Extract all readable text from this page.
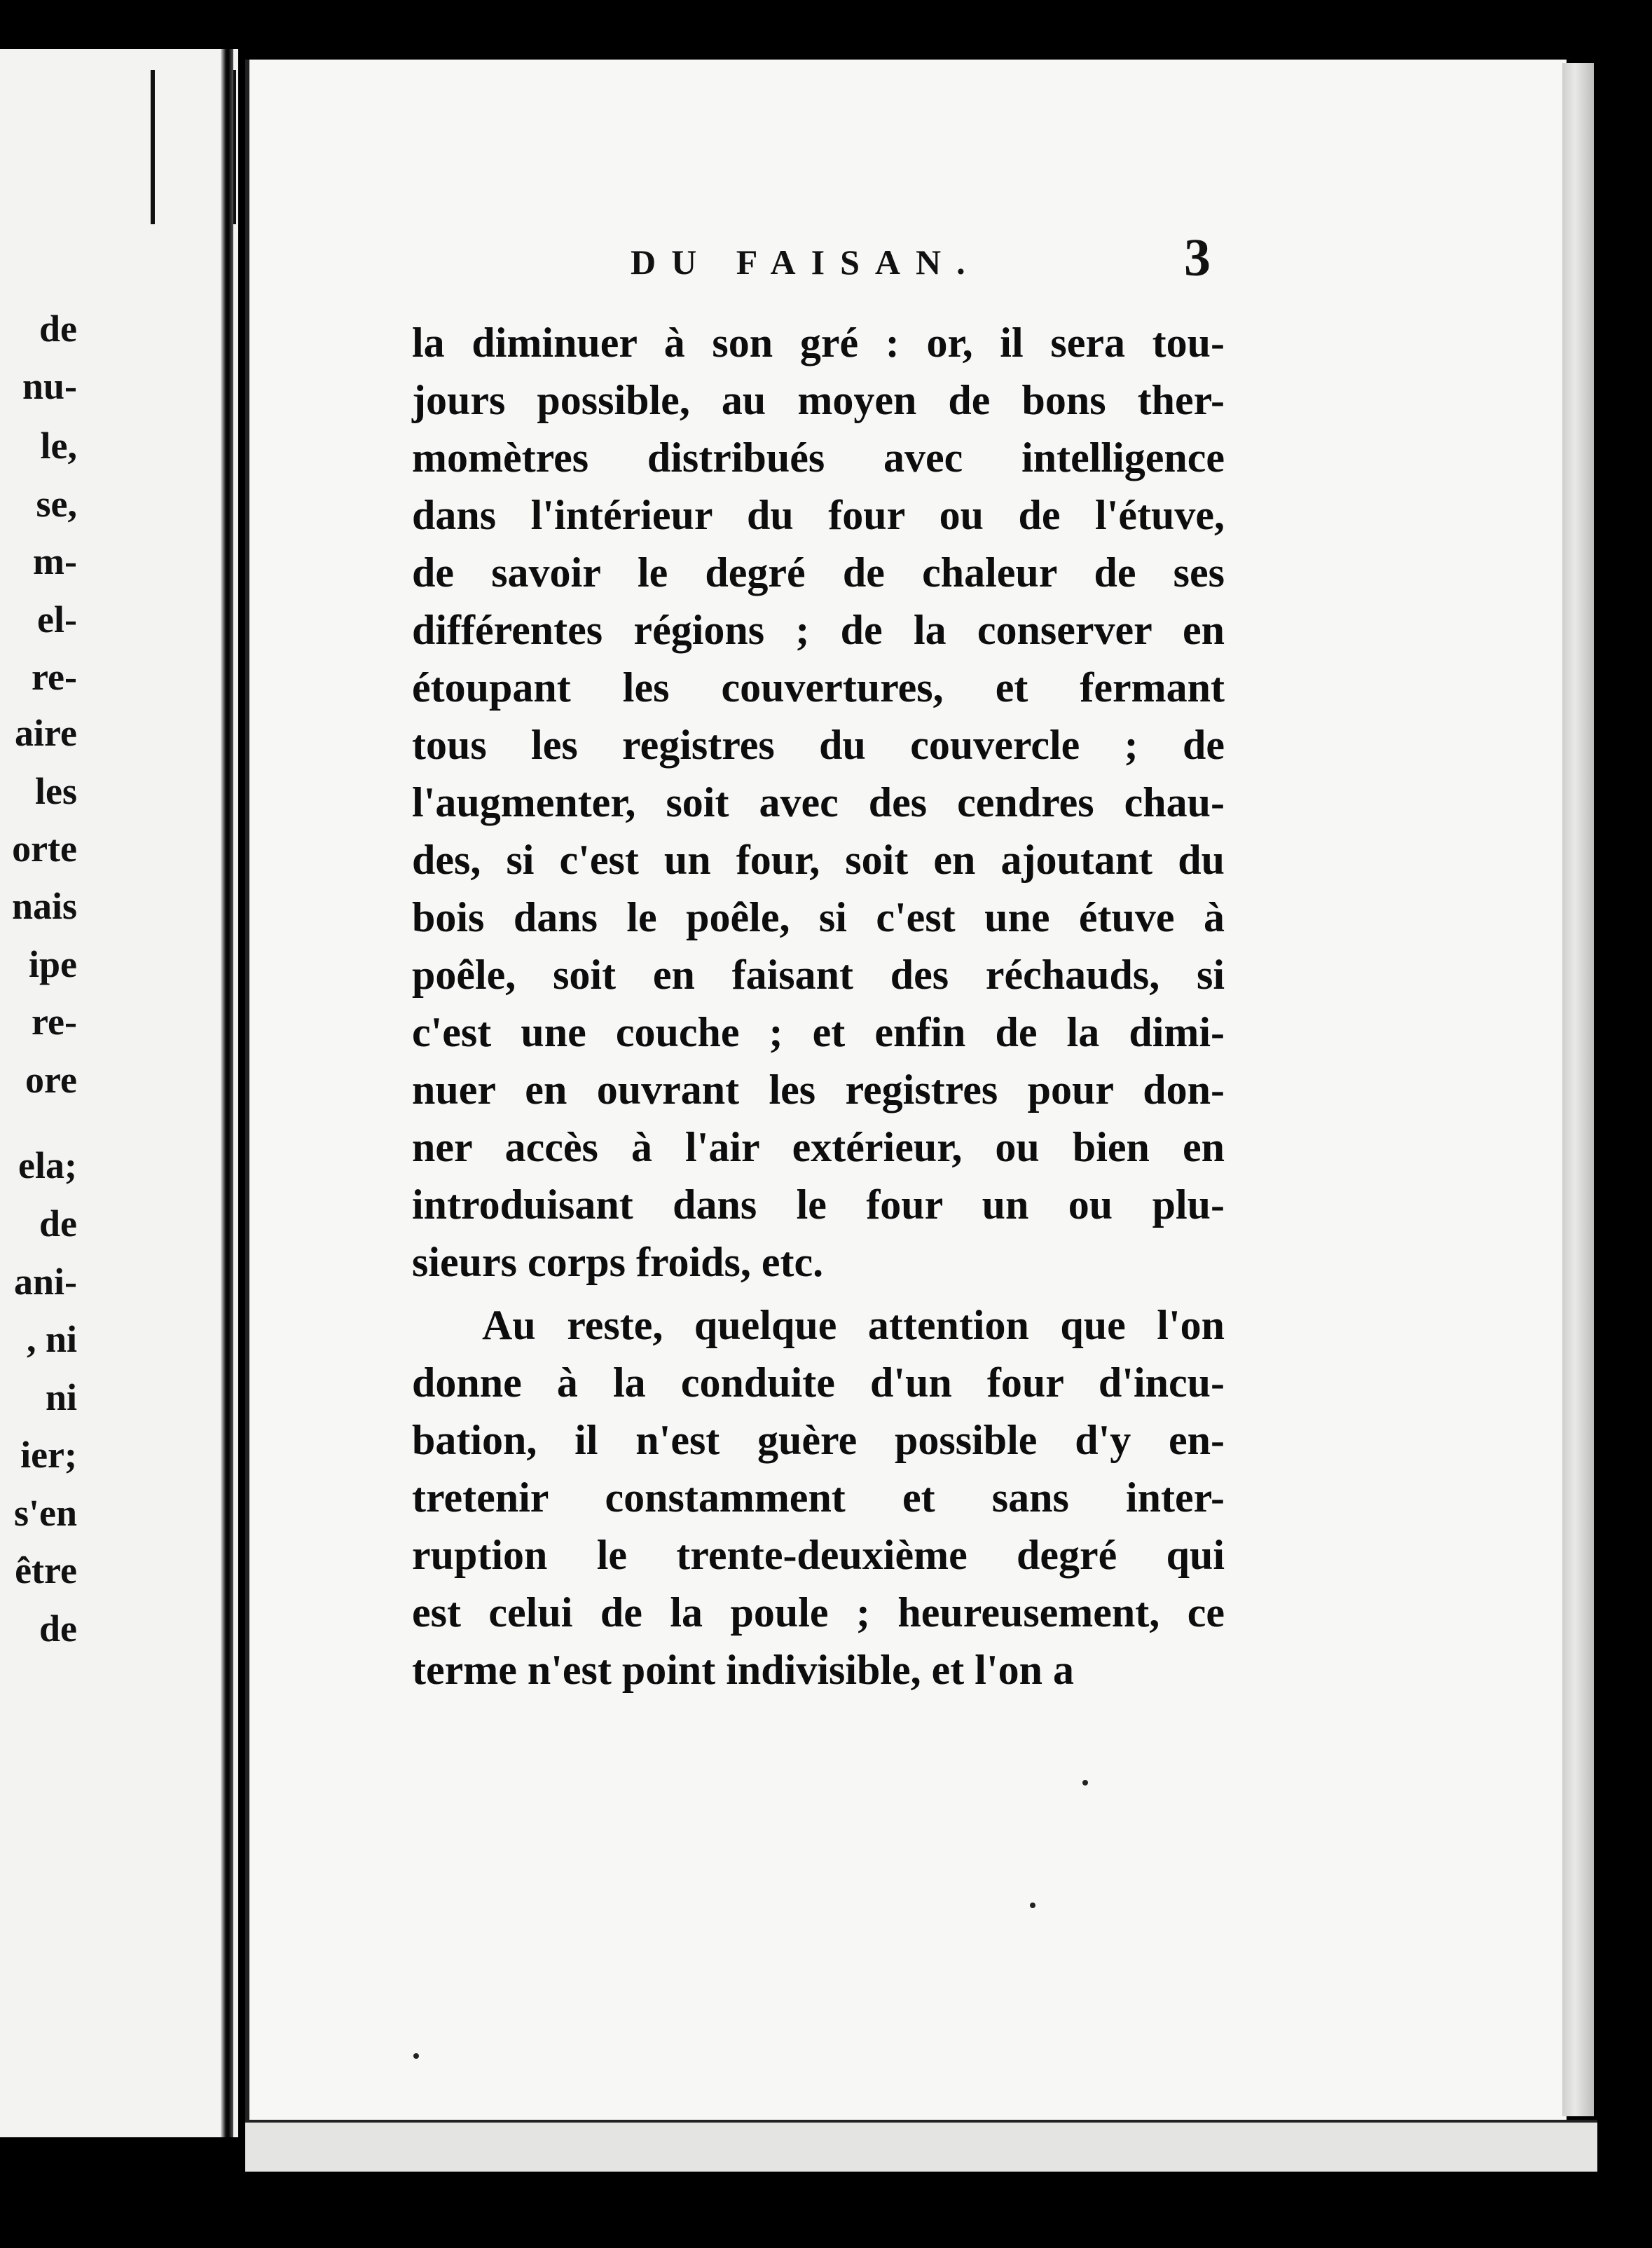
de
nu-
le,
se,
m-
el-
re-
aire
les
orte
nais
ipe
re-
ore
ela;
de
ani-
, ni
ni
ier;
s'en
être
de
DU FAISAN.	3
la diminuer à son gré : or, il sera tou-
jours possible, au moyen de bons ther-
momètres distribués avec intelligence
dans l'intérieur du four ou de l'étuve,
de savoir le degré de chaleur de ses
différentes régions ; de la conserver en
étoupant les couvertures, et fermant
tous les registres du couvercle ; de
l'augmenter, soit avec des cendres chau-
des, si c'est un four, soit en ajoutant du
bois dans le poêle, si c'est une étuve à
poêle, soit en faisant des réchauds, si
c'est une couche ; et enfin de la dimi-
nuer en ouvrant les registres pour don-
ner accès à l'air extérieur, ou bien en
introduisant dans le four un ou plu-
sieurs corps froids, etc.
Au reste, quelque attention que l'on
donne à la conduite d'un four d'incu-
bation, il n'est guère possible d'y en-
tretenir constamment et sans inter-
ruption le trente-deuxième degré qui
est celui de la poule ; heureusement, ce
terme n'est point indivisible, et l'on a
